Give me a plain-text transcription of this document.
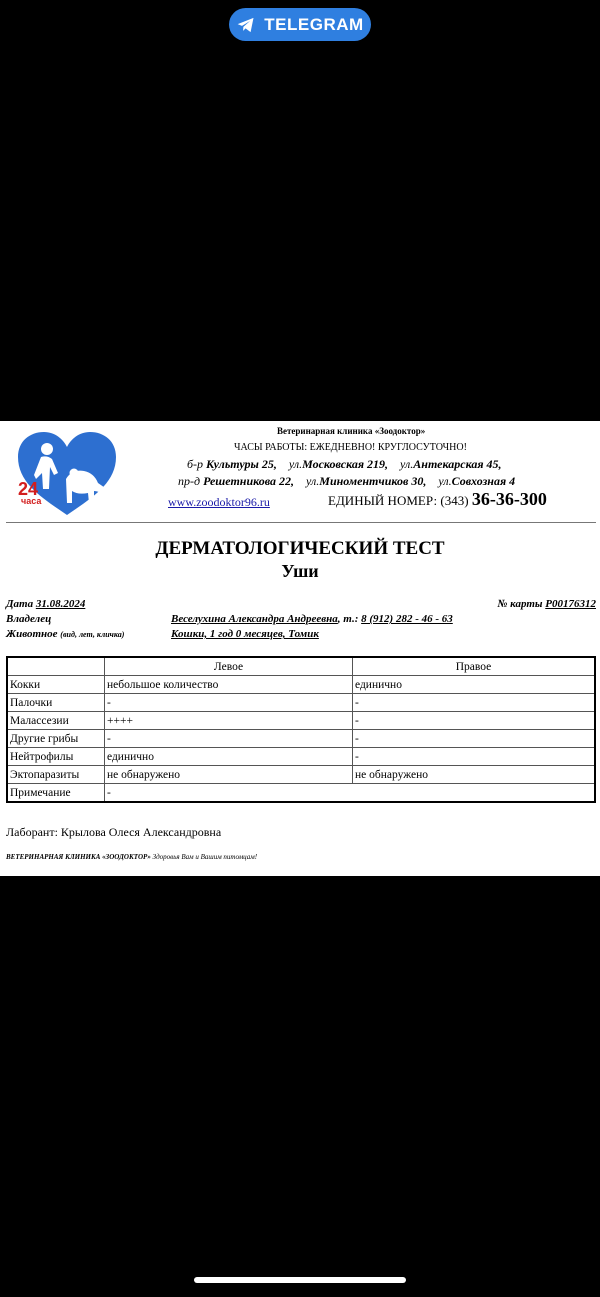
TELEGRAM
24
часа
Ветеринарная клиника «Зоодоктор»
ЧАСЫ РАБОТЫ: ЕЖЕДНЕВНО! КРУГЛОСУТОЧНО!
б-р Культуры 25,    ул.Московская 219,    ул.Антекарская 45,
пр-д Решетникова 22,    ул.Миноментчиков 30,    ул.Совхозная 4
www.zoodoktor96.ru	ЕДИНЫЙ НОМЕР: (343) 36-36-300
ДЕРМАТОЛОГИЧЕСКИЙ ТЕСТ
Уши
Дата 31.08.2024	№ карты P00176312
Владелец	Веселухина Александра Андреевна, т.: 8 (912) 282 - 46 - 63
Животное (вид, лет, кличка)	Кошки, 1 год 0 месяцев, Томик
	Левое	Правое
Кокки	небольшое количество	единично
Палочки	-	-
Малассезии	++++	-
Другие грибы	-	-
Нейтрофилы	единично	-
Эктопаразиты	не обнаружено	не обнаружено
Примечание	-	
Лаборант: Крылова Олеся Александровна
ВЕТЕРИНАРНАЯ КЛИНИКА «ЗООДОКТОР» Здоровья Вам и Вашим питомцам!
